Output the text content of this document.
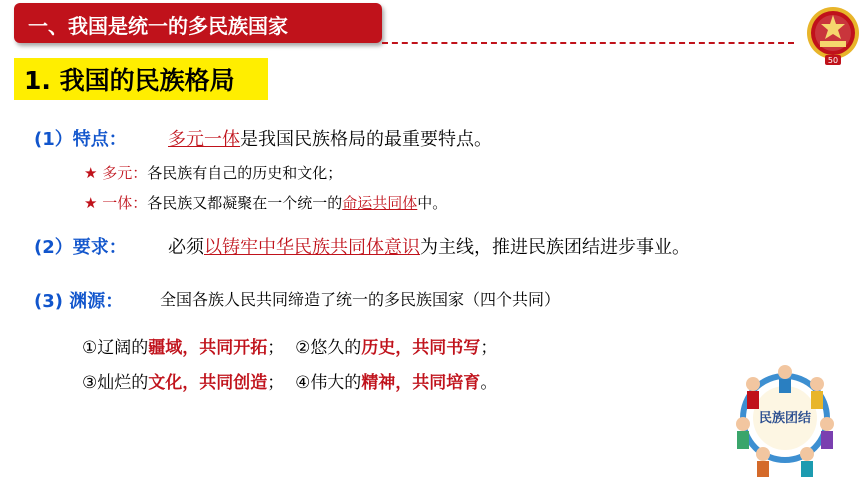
一、我国是统一的多民族国家
50
1. 我国的民族格局
(1）特点： 多元一体是我国民族格局的最重要特点。
★ 多元：各民族有自己的历史和文化；
★ 一体：各民族又都凝聚在一个统一的命运共同体中。
(2）要求： 必须以铸牢中华民族共同体意识为主线，推进民族团结进步事业。
(3) 渊源： 全国各族人民共同缔造了统一的多民族国家（四个共同）
①辽阔的疆域，共同开拓； ②悠久的历史，共同书写；
③灿烂的文化，共同创造； ④伟大的精神，共同培育。
民族团结
